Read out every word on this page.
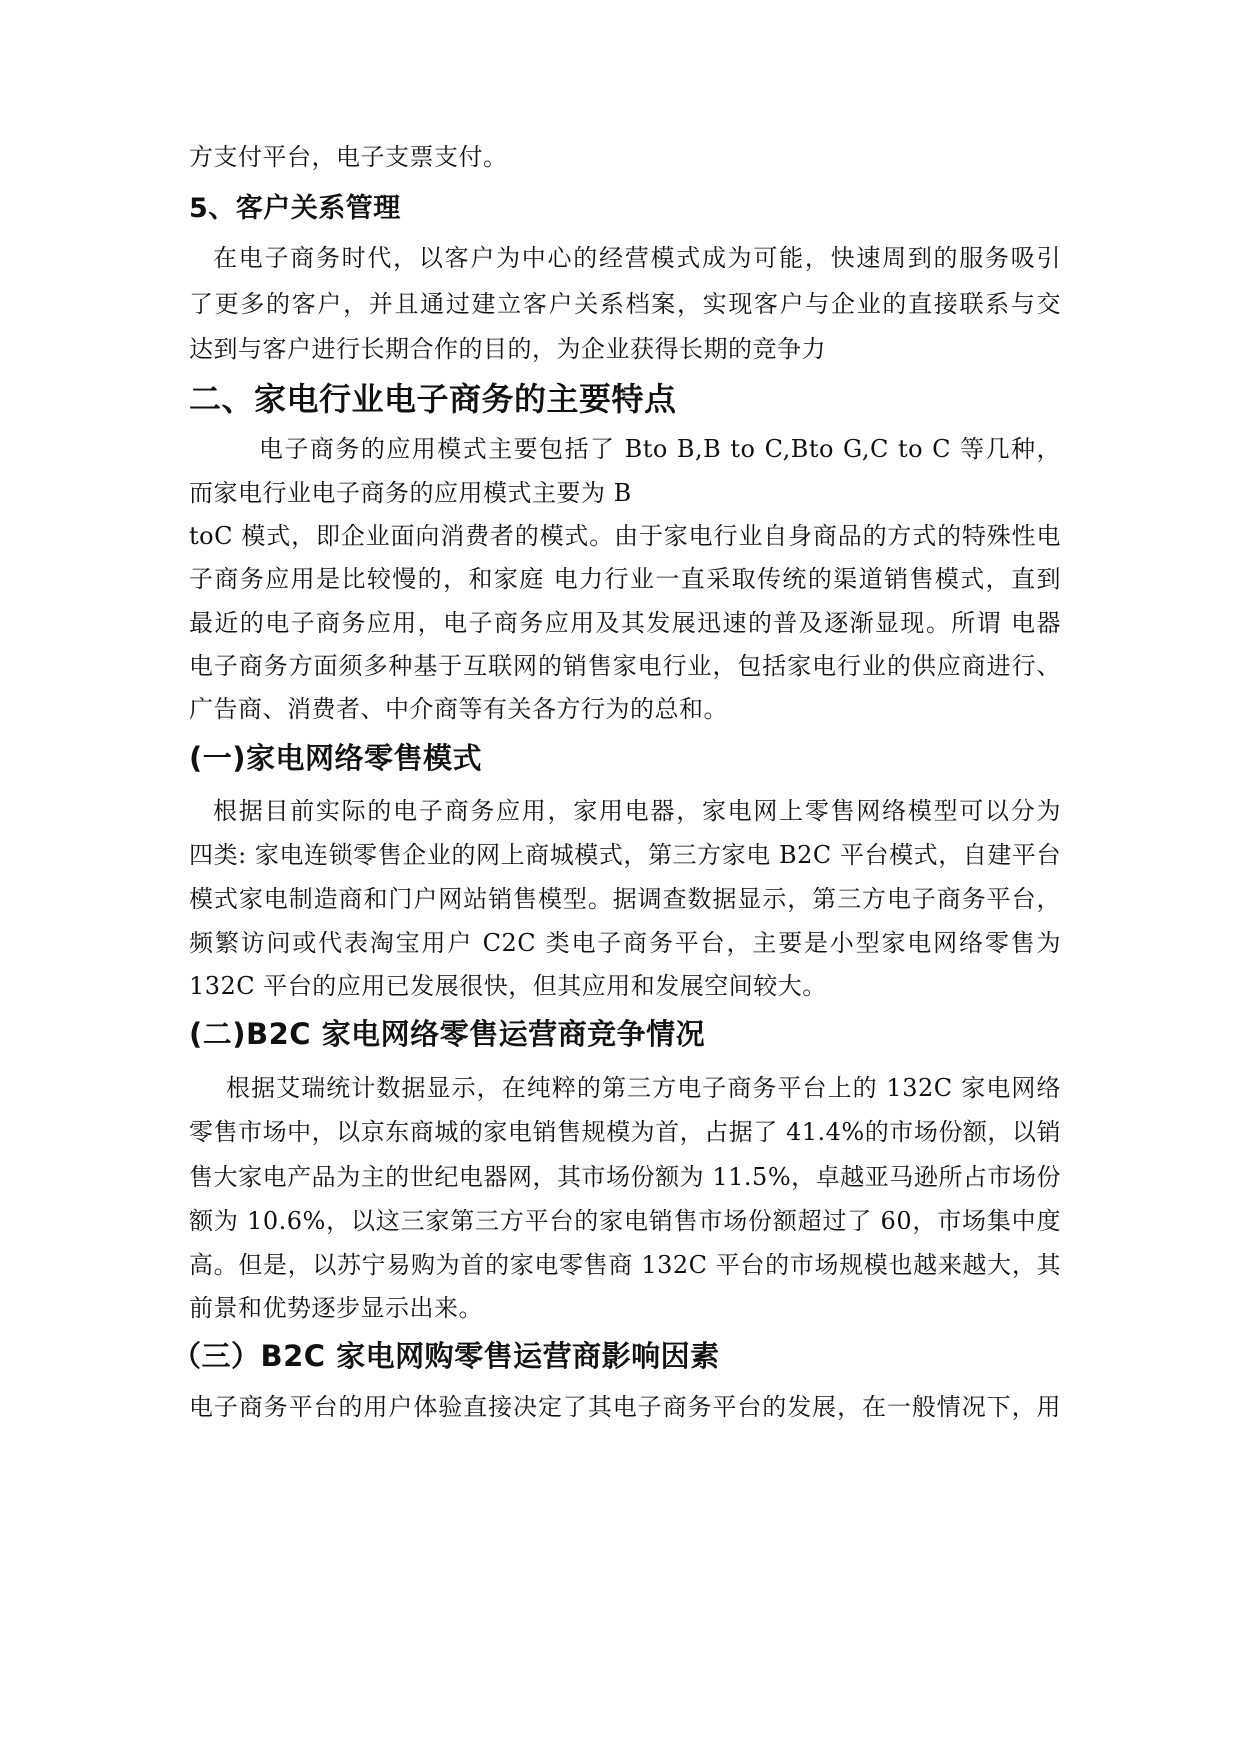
方支付平台，电子支票支付。
5、客户关系管理
在电子商务时代，以客户为中心的经营模式成为可能，快速周到的服务吸引
了更多的客户，并且通过建立客户关系档案，实现客户与企业的直接联系与交
达到与客户进行长期合作的目的，为企业获得长期的竞争力
二、家电行业电子商务的主要特点
电子商务的应用模式主要包括了 Bto B,B to C,Bto G,C to C 等几种，
而家电行业电子商务的应用模式主要为 B
toC 模式，即企业面向消费者的模式。由于家电行业自身商品的方式的特殊性电
子商务应用是比较慢的，和家庭 电力行业一直采取传统的渠道销售模式，直到
最近的电子商务应用，电子商务应用及其发展迅速的普及逐渐显现。所谓 电器
电子商务方面须多种基于互联网的销售家电行业，包括家电行业的供应商进行、
广告商、消费者、中介商等有关各方行为的总和。
(一)家电网络零售模式
根据目前实际的电子商务应用，家用电器，家电网上零售网络模型可以分为
四类: 家电连锁零售企业的网上商城模式，第三方家电 B2C 平台模式，自建平台
模式家电制造商和门户网站销售模型。据调查数据显示，第三方电子商务平台，
频繁访问或代表淘宝用户 C2C 类电子商务平台，主要是小型家电网络零售为
132C 平台的应用已发展很快，但其应用和发展空间较大。
(二)B2C 家电网络零售运营商竞争情况
根据艾瑞统计数据显示，在纯粹的第三方电子商务平台上的 132C 家电网络
零售市场中，以京东商城的家电销售规模为首，占据了 41.4%的市场份额，以销
售大家电产品为主的世纪电器网，其市场份额为 11.5%，卓越亚马逊所占市场份
额为 10.6%，以这三家第三方平台的家电销售市场份额超过了 60，市场集中度
高。但是，以苏宁易购为首的家电零售商 132C 平台的市场规模也越来越大，其
前景和优势逐步显示出来。
（三）B2C 家电网购零售运营商影响因素
电子商务平台的用户体验直接决定了其电子商务平台的发展，在一般情况下，用
